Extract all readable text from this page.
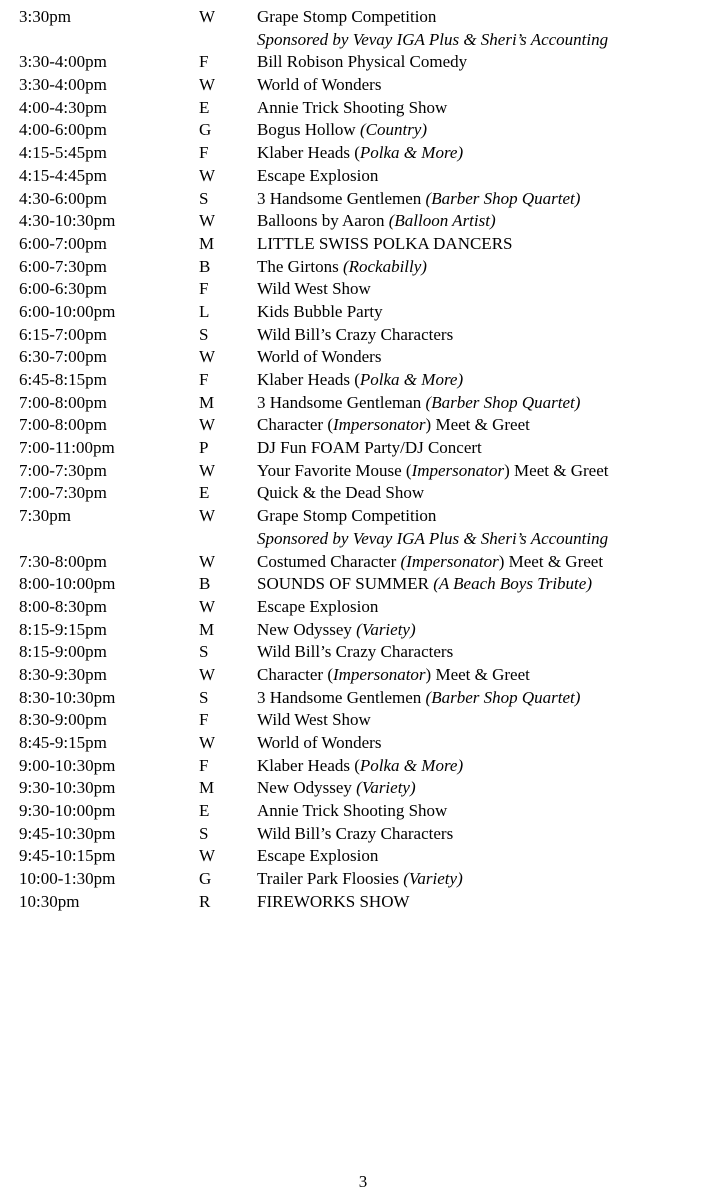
3:30pm	W	Grape Stomp Competition
Sponsored by Vevay IGA Plus & Sheri’s Accounting
3:30-4:00pm	F	Bill Robison Physical Comedy
3:30-4:00pm	W	World of Wonders
4:00-4:30pm	E	Annie Trick Shooting Show
4:00-6:00pm	G	Bogus Hollow (Country)
4:15-5:45pm	F	Klaber Heads (Polka & More)
4:15-4:45pm	W	Escape Explosion
4:30-6:00pm	S	3 Handsome Gentlemen (Barber Shop Quartet)
4:30-10:30pm	W	Balloons by Aaron (Balloon Artist)
6:00-7:00pm	M	LITTLE SWISS POLKA DANCERS
6:00-7:30pm	B	The Girtons (Rockabilly)
6:00-6:30pm	F	Wild West Show
6:00-10:00pm	L	Kids Bubble Party
6:15-7:00pm	S	Wild Bill’s Crazy Characters
6:30-7:00pm	W	World of Wonders
6:45-8:15pm	F	Klaber Heads (Polka & More)
7:00-8:00pm	M	3 Handsome Gentleman (Barber Shop Quartet)
7:00-8:00pm	W	Character (Impersonator) Meet & Greet
7:00-11:00pm	P	DJ Fun FOAM Party/DJ Concert
7:00-7:30pm	W	Your Favorite Mouse (Impersonator) Meet & Greet
7:00-7:30pm	E	Quick & the Dead Show
7:30pm	W	Grape Stomp Competition
Sponsored by Vevay IGA Plus & Sheri’s Accounting
7:30-8:00pm	W	Costumed Character (Impersonator) Meet & Greet
8:00-10:00pm	B	SOUNDS OF SUMMER (A Beach Boys Tribute)
8:00-8:30pm	W	Escape Explosion
8:15-9:15pm	M	New Odyssey (Variety)
8:15-9:00pm	S	Wild Bill’s Crazy Characters
8:30-9:30pm	W	Character (Impersonator) Meet & Greet
8:30-10:30pm	S	3 Handsome Gentlemen (Barber Shop Quartet)
8:30-9:00pm	F	Wild West Show
8:45-9:15pm	W	World of Wonders
9:00-10:30pm	F	Klaber Heads (Polka & More)
9:30-10:30pm	M	New Odyssey (Variety)
9:30-10:00pm	E	Annie Trick Shooting Show
9:45-10:30pm	S	Wild Bill’s Crazy Characters
9:45-10:15pm	W	Escape Explosion
10:00-1:30pm	G	Trailer Park Floosies (Variety)
10:30pm	R	FIREWORKS SHOW
3
